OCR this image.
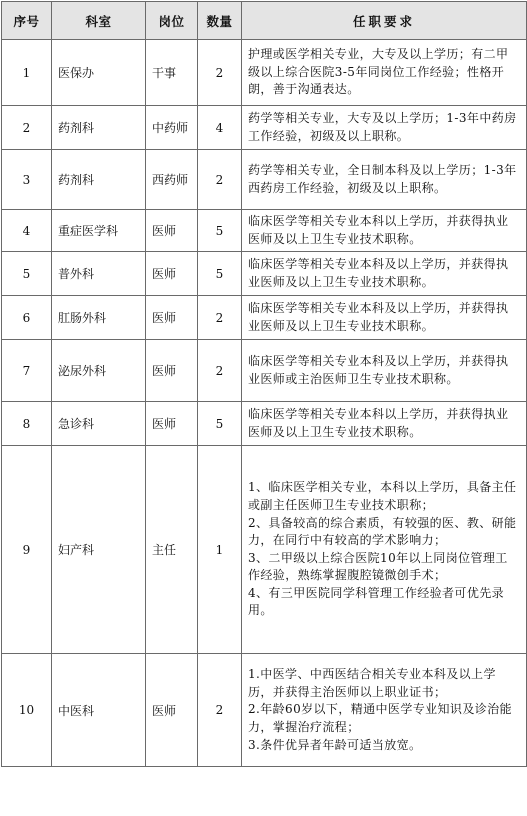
序号	科室	岗位	数量	任职要求
1	医保办	干事	2	护理或医学相关专业，大专及以上学历；有二甲级以上综合医院3-5年同岗位工作经验；性格开朗，善于沟通表达。

2	药剂科	中药师	4	药学等相关专业，大专及以上学历；1-3年中药房工作经验，初级及以上职称。

3	药剂科	西药师	2	药学等相关专业，全日制本科及以上学历；1-3年西药房工作经验，初级及以上职称。

4	重症医学科	医师	5	临床医学等相关专业本科以上学历，并获得执业医师及以上卫生专业技术职称。

5	普外科	医师	5	临床医学等相关专业本科及以上学历，并获得执业医师及以上卫生专业技术职称。

6	肛肠外科	医师	2	临床医学等相关专业本科及以上学历，并获得执业医师及以上卫生专业技术职称。

7	泌尿外科	医师	2	临床医学等相关专业本科及以上学历，并获得执业医师或主治医师卫生专业技术职称。

8	急诊科	医师	5	临床医学等相关专业本科以上学历，并获得执业医师及以上卫生专业技术职称。

9	妇产科	主任	1	1、临床医学相关专业，本科以上学历，具备主任或副主任医师卫生专业技术职称；
2、具备较高的综合素质，有较强的医、教、研能力，在同行中有较高的学术影响力；
3、二甲级以上综合医院10年以上同岗位管理工作经验，熟练掌握腹腔镜微创手术；
4、有三甲医院同学科管理工作经验者可优先录用。

10	中医科	医师	2	1.中医学、中西医结合相关专业本科及以上学历，并获得主治医师以上职业证书；
2.年龄60岁以下，精通中医学专业知识及诊治能力，掌握治疗流程；
3.条件优异者年龄可适当放宽。
